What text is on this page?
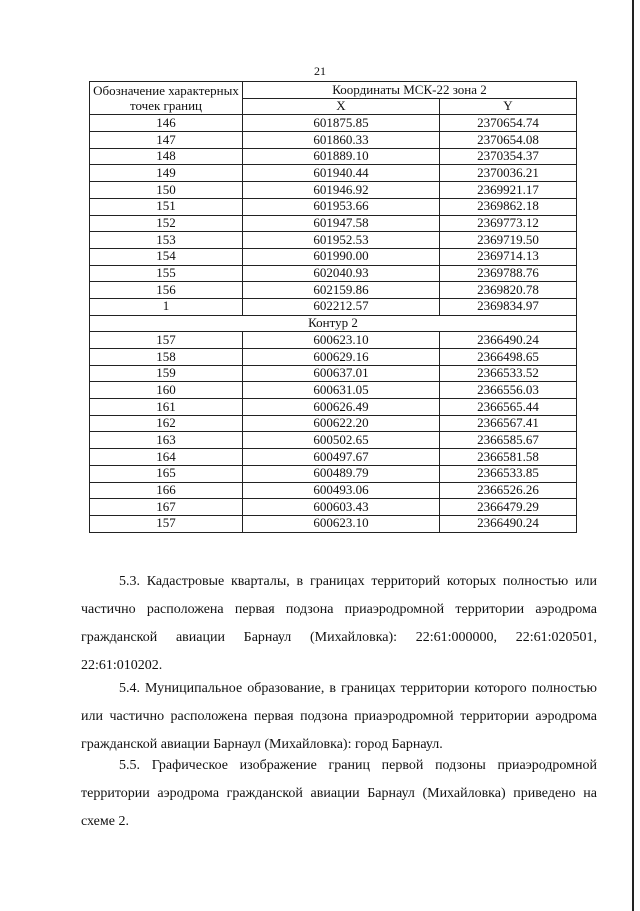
21
Обозначение характерных точек границ	Координаты МСК-22 зона 2	
	X	Y
146	601875.85	2370654.74
147	601860.33	2370654.08
148	601889.10	2370354.37
149	601940.44	2370036.21
150	601946.92	2369921.17
151	601953.66	2369862.18
152	601947.58	2369773.12
153	601952.53	2369719.50
154	601990.00	2369714.13
155	602040.93	2369788.76
156	602159.86	2369820.78
1	602212.57	2369834.97
Контур 2		
157	600623.10	2366490.24
158	600629.16	2366498.65
159	600637.01	2366533.52
160	600631.05	2366556.03
161	600626.49	2366565.44
162	600622.20	2366567.41
163	600502.65	2366585.67
164	600497.67	2366581.58
165	600489.79	2366533.85
166	600493.06	2366526.26
167	600603.43	2366479.29
157	600623.10	2366490.24

5.3. Кадастровые кварталы, в границах территорий которых полностью или частично расположена первая подзона приаэродромной территории аэродрома гражданской авиации Барнаул (Михайловка): 22:61:000000, 22:61:020501, 22:61:010202.

5.4. Муниципальное образование, в границах территории которого полностью или частично расположена первая подзона приаэродромной территории аэродрома гражданской авиации Барнаул (Михайловка): город Барнаул.

5.5. Графическое изображение границ первой подзоны приаэродромной территории аэродрома гражданской авиации Барнаул (Михайловка) приведено на схеме 2.
